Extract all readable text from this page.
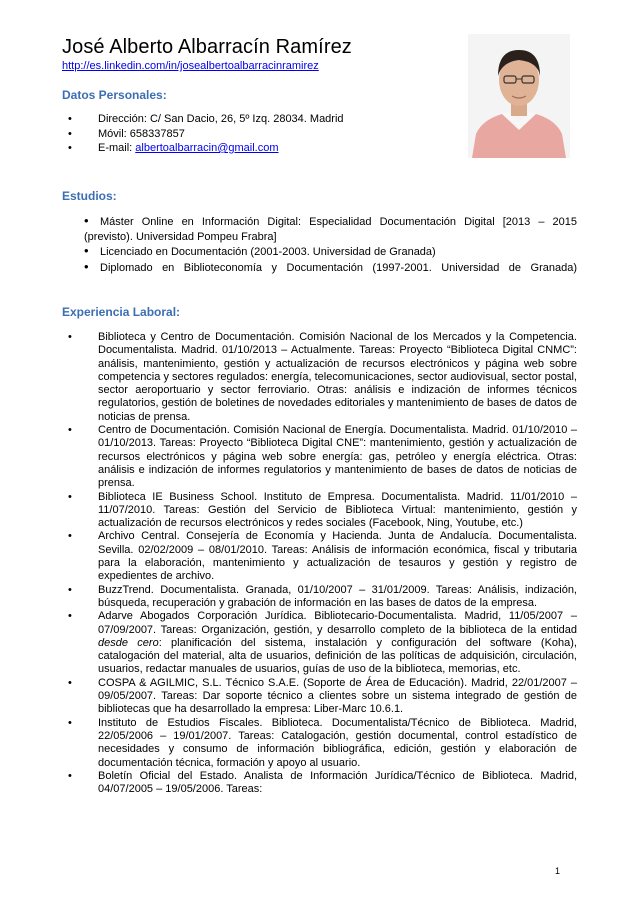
José Alberto Albarracín Ramírez
http://es.linkedin.com/in/josealbertoalbarracinramirez
Datos Personales:
• Dirección: C/ San Dacio, 26, 5º Izq. 28034. Madrid
• Móvil: 658337857
• E-mail: albertoalbarracin@gmail.com
Estudios:
• Máster Online en Información Digital: Especialidad Documentación Digital [2013 – 2015
(previsto). Universidad Pompeu Frabra]
• Licenciado en Documentación (2001-2003. Universidad de Granada)
• Diplomado en Biblioteconomía y Documentación (1997-2001. Universidad de Granada)
Experiencia Laboral:
• Biblioteca y Centro de Documentación. Comisión Nacional de los Mercados y la Competencia. Documentalista. Madrid. 01/10/2013 – Actualmente. Tareas: Proyecto “Biblioteca Digital CNMC”: análisis, mantenimiento, gestión y actualización de recursos electrónicos y página web sobre competencia y sectores regulados: energía, telecomunicaciones, sector audiovisual, sector postal, sector aeroportuario y sector ferroviario. Otras: análisis e indización de informes técnicos regulatorios, gestión de boletines de novedades editoriales y mantenimiento de bases de datos de noticias de prensa.
• Centro de Documentación. Comisión Nacional de Energía. Documentalista. Madrid. 01/10/2010 – 01/10/2013. Tareas: Proyecto “Biblioteca Digital CNE”: mantenimiento, gestión y actualización de recursos electrónicos y página web sobre energía: gas, petróleo y energía eléctrica. Otras: análisis e indización de informes regulatorios y mantenimiento de bases de datos de noticias de prensa.
• Biblioteca IE Business School. Instituto de Empresa. Documentalista. Madrid. 11/01/2010 – 11/07/2010. Tareas: Gestión del Servicio de Biblioteca Virtual: mantenimiento, gestión y actualización de recursos electrónicos y redes sociales (Facebook, Ning, Youtube, etc.)
• Archivo Central. Consejería de Economía y Hacienda. Junta de Andalucía. Documentalista. Sevilla. 02/02/2009 – 08/01/2010. Tareas: Análisis de información económica, fiscal y tributaria para la elaboración, mantenimiento y actualización de tesauros y gestión y registro de expedientes de archivo.
• BuzzTrend. Documentalista. Granada, 01/10/2007 – 31/01/2009. Tareas: Análisis, indización, búsqueda, recuperación y grabación de información en las bases de datos de la empresa.
• Adarve Abogados Corporación Jurídica. Bibliotecario-Documentalista. Madrid, 11/05/2007 – 07/09/2007. Tareas: Organización, gestión, y desarrollo completo de la biblioteca de la entidad desde cero: planificación del sistema, instalación y configuración del software (Koha), catalogación del material, alta de usuarios, definición de las políticas de adquisición, circulación, usuarios, redactar manuales de usuarios, guías de uso de la biblioteca, memorias, etc.
• COSPA & AGILMIC, S.L. Técnico S.A.E. (Soporte de Área de Educación). Madrid, 22/01/2007 – 09/05/2007. Tareas: Dar soporte técnico a clientes sobre un sistema integrado de gestión de bibliotecas que ha desarrollado la empresa: Liber-Marc 10.6.1.
• Instituto de Estudios Fiscales. Biblioteca. Documentalista/Técnico de Biblioteca. Madrid, 22/05/2006 – 19/01/2007. Tareas: Catalogación, gestión documental, control estadístico de necesidades y consumo de información bibliográfica, edición, gestión y elaboración de documentación técnica, formación y apoyo al usuario.
• Boletín Oficial del Estado. Analista de Información Jurídica/Técnico de Biblioteca. Madrid, 04/07/2005 – 19/05/2006. Tareas:
1
